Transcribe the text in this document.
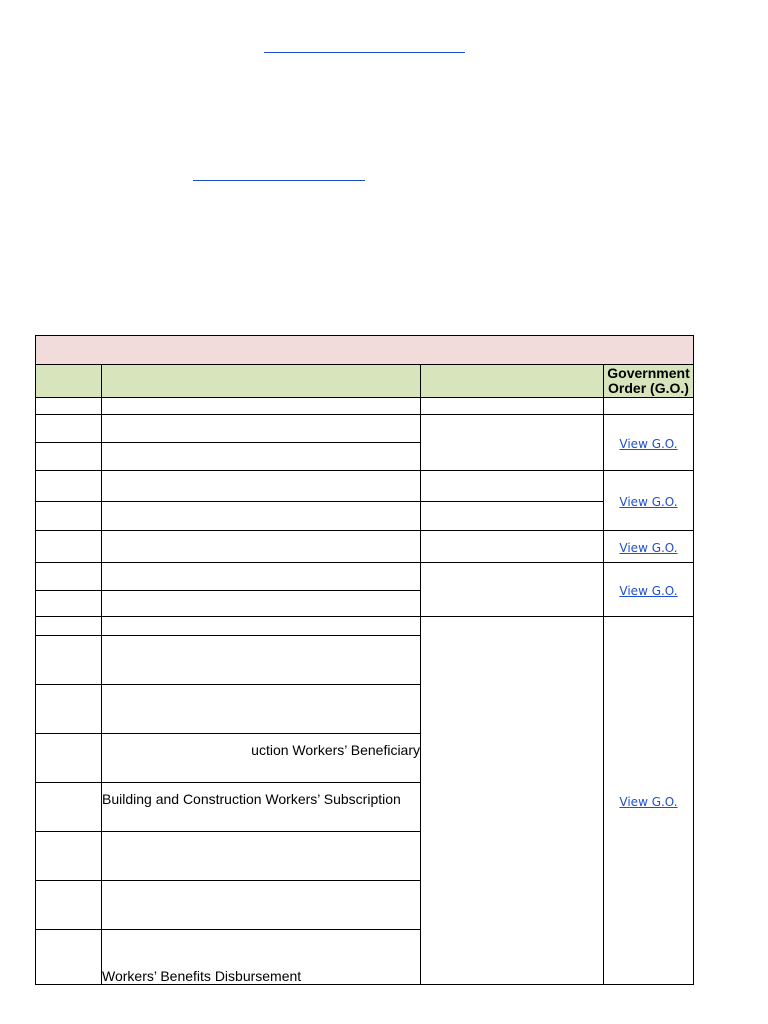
			Government Order (G.O.)

			View G.O.

			View G.O.

			View G.O.
			View G.O.

			View G.O.

	uction Workers’ Beneficiary		
	Building and Construction Workers’ Subscription		

	Workers’ Benefits Disbursement		
